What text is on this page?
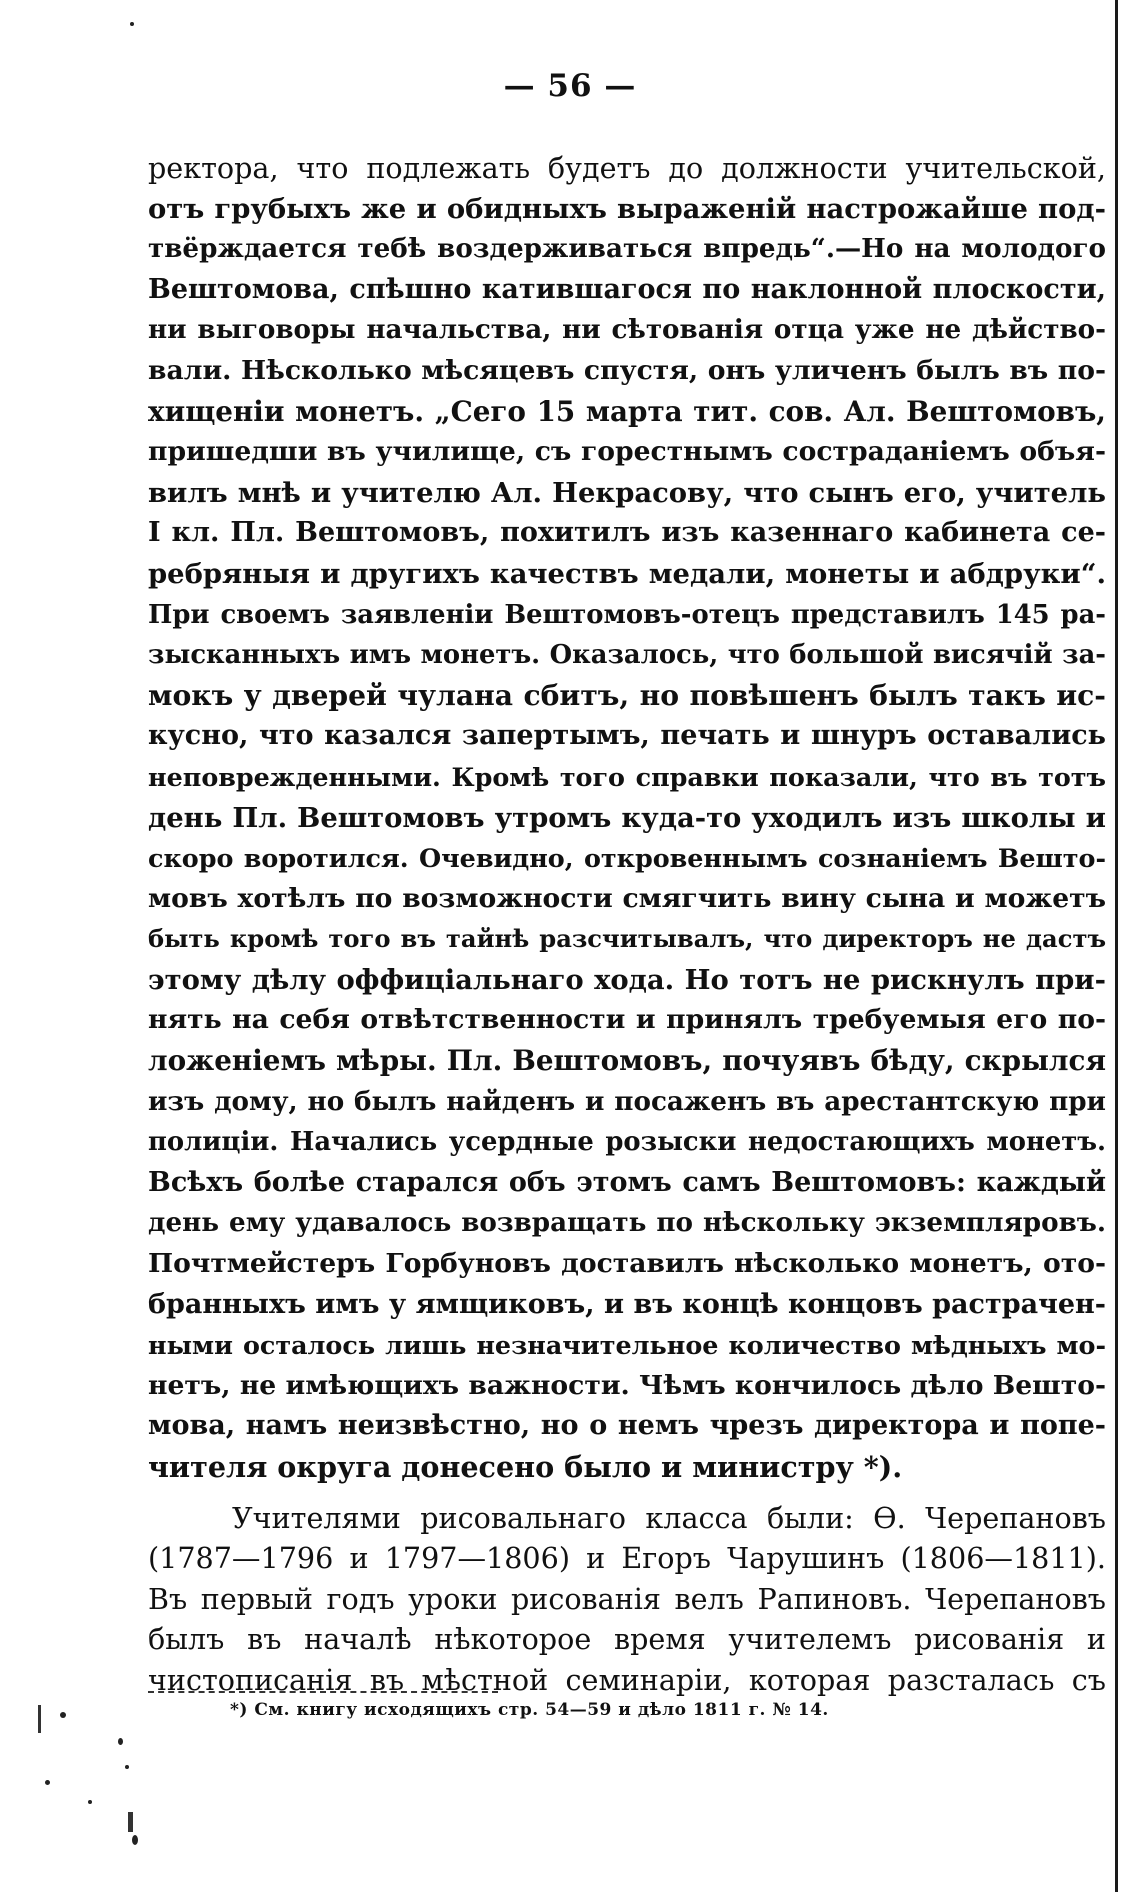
— 56 —
ректора, что подлежать будетъ до должности учительской,
отъ грубыхъ же и обидныхъ выраженій настрожайше под-
твёрждается тебѣ воздерживаться впредь“.—Но на молодого
Вештомова, спѣшно катившагося по наклонной плоскости,
ни выговоры начальства, ни сѣтованія отца уже не дѣйство-
вали. Нѣсколько мѣсяцевъ спустя, онъ уличенъ былъ въ по-
хищеніи монетъ. „Сего 15 марта тит. сов. Ал. Вештомовъ,
пришедши въ училище, съ горестнымъ состраданіемъ объя-
вилъ мнѣ и учителю Ал. Некрасову, что сынъ его, учитель
I кл. Пл. Вештомовъ, похитилъ изъ казеннаго кабинета се-
ребряныя и другихъ качествъ медали, монеты и абдруки“.
При своемъ заявленіи Вештомовъ-отецъ представилъ 145 ра-
зысканныхъ имъ монетъ. Оказалось, что большой висячій за-
мокъ у дверей чулана сбитъ, но повѣшенъ былъ такъ ис-
кусно, что казался запертымъ, печать и шнуръ оставались
неповрежденными. Кромѣ того справки показали, что въ тотъ
день Пл. Вештомовъ утромъ куда-то уходилъ изъ школы и
скоро воротился. Очевидно, откровеннымъ сознаніемъ Вешто-
мовъ хотѣлъ по возможности смягчить вину сына и можетъ
быть кромѣ того въ тайнѣ разсчитывалъ, что директоръ не дастъ
этому дѣлу оффиціальнаго хода. Но тотъ не рискнулъ при-
нять на себя отвѣтственности и принялъ требуемыя его по-
ложеніемъ мѣры. Пл. Вештомовъ, почуявъ бѣду, скрылся
изъ дому, но былъ найденъ и посаженъ въ арестантскую при
полиціи. Начались усердные розыски недостающихъ монетъ.
Всѣхъ болѣе старался объ этомъ самъ Вештомовъ: каждый
день ему удавалось возвращать по нѣскольку экземпляровъ.
Почтмейстеръ Горбуновъ доставилъ нѣсколько монетъ, ото-
бранныхъ имъ у ямщиковъ, и въ концѣ концовъ растрачен-
ными осталось лишь незначительное количество мѣдныхъ мо-
нетъ, не имѣющихъ важности. Чѣмъ кончилось дѣло Вешто-
мова, намъ неизвѣстно, но о немъ чрезъ директора и попе-
чителя округа донесено было и министру *).
Учителями рисовальнаго класса были: Ѳ. Черепановъ
(1787—1796 и 1797—1806) и Егоръ Чарушинъ (1806—1811).
Въ первый годъ уроки рисованія велъ Рапиновъ. Черепановъ
былъ въ началѣ нѣкоторое время учителемъ рисованія и
чистописанія въ мѣстной семинаріи, которая разсталась съ
*) См. книгу исходящихъ стр. 54—59 и дѣло 1811 г. № 14.
